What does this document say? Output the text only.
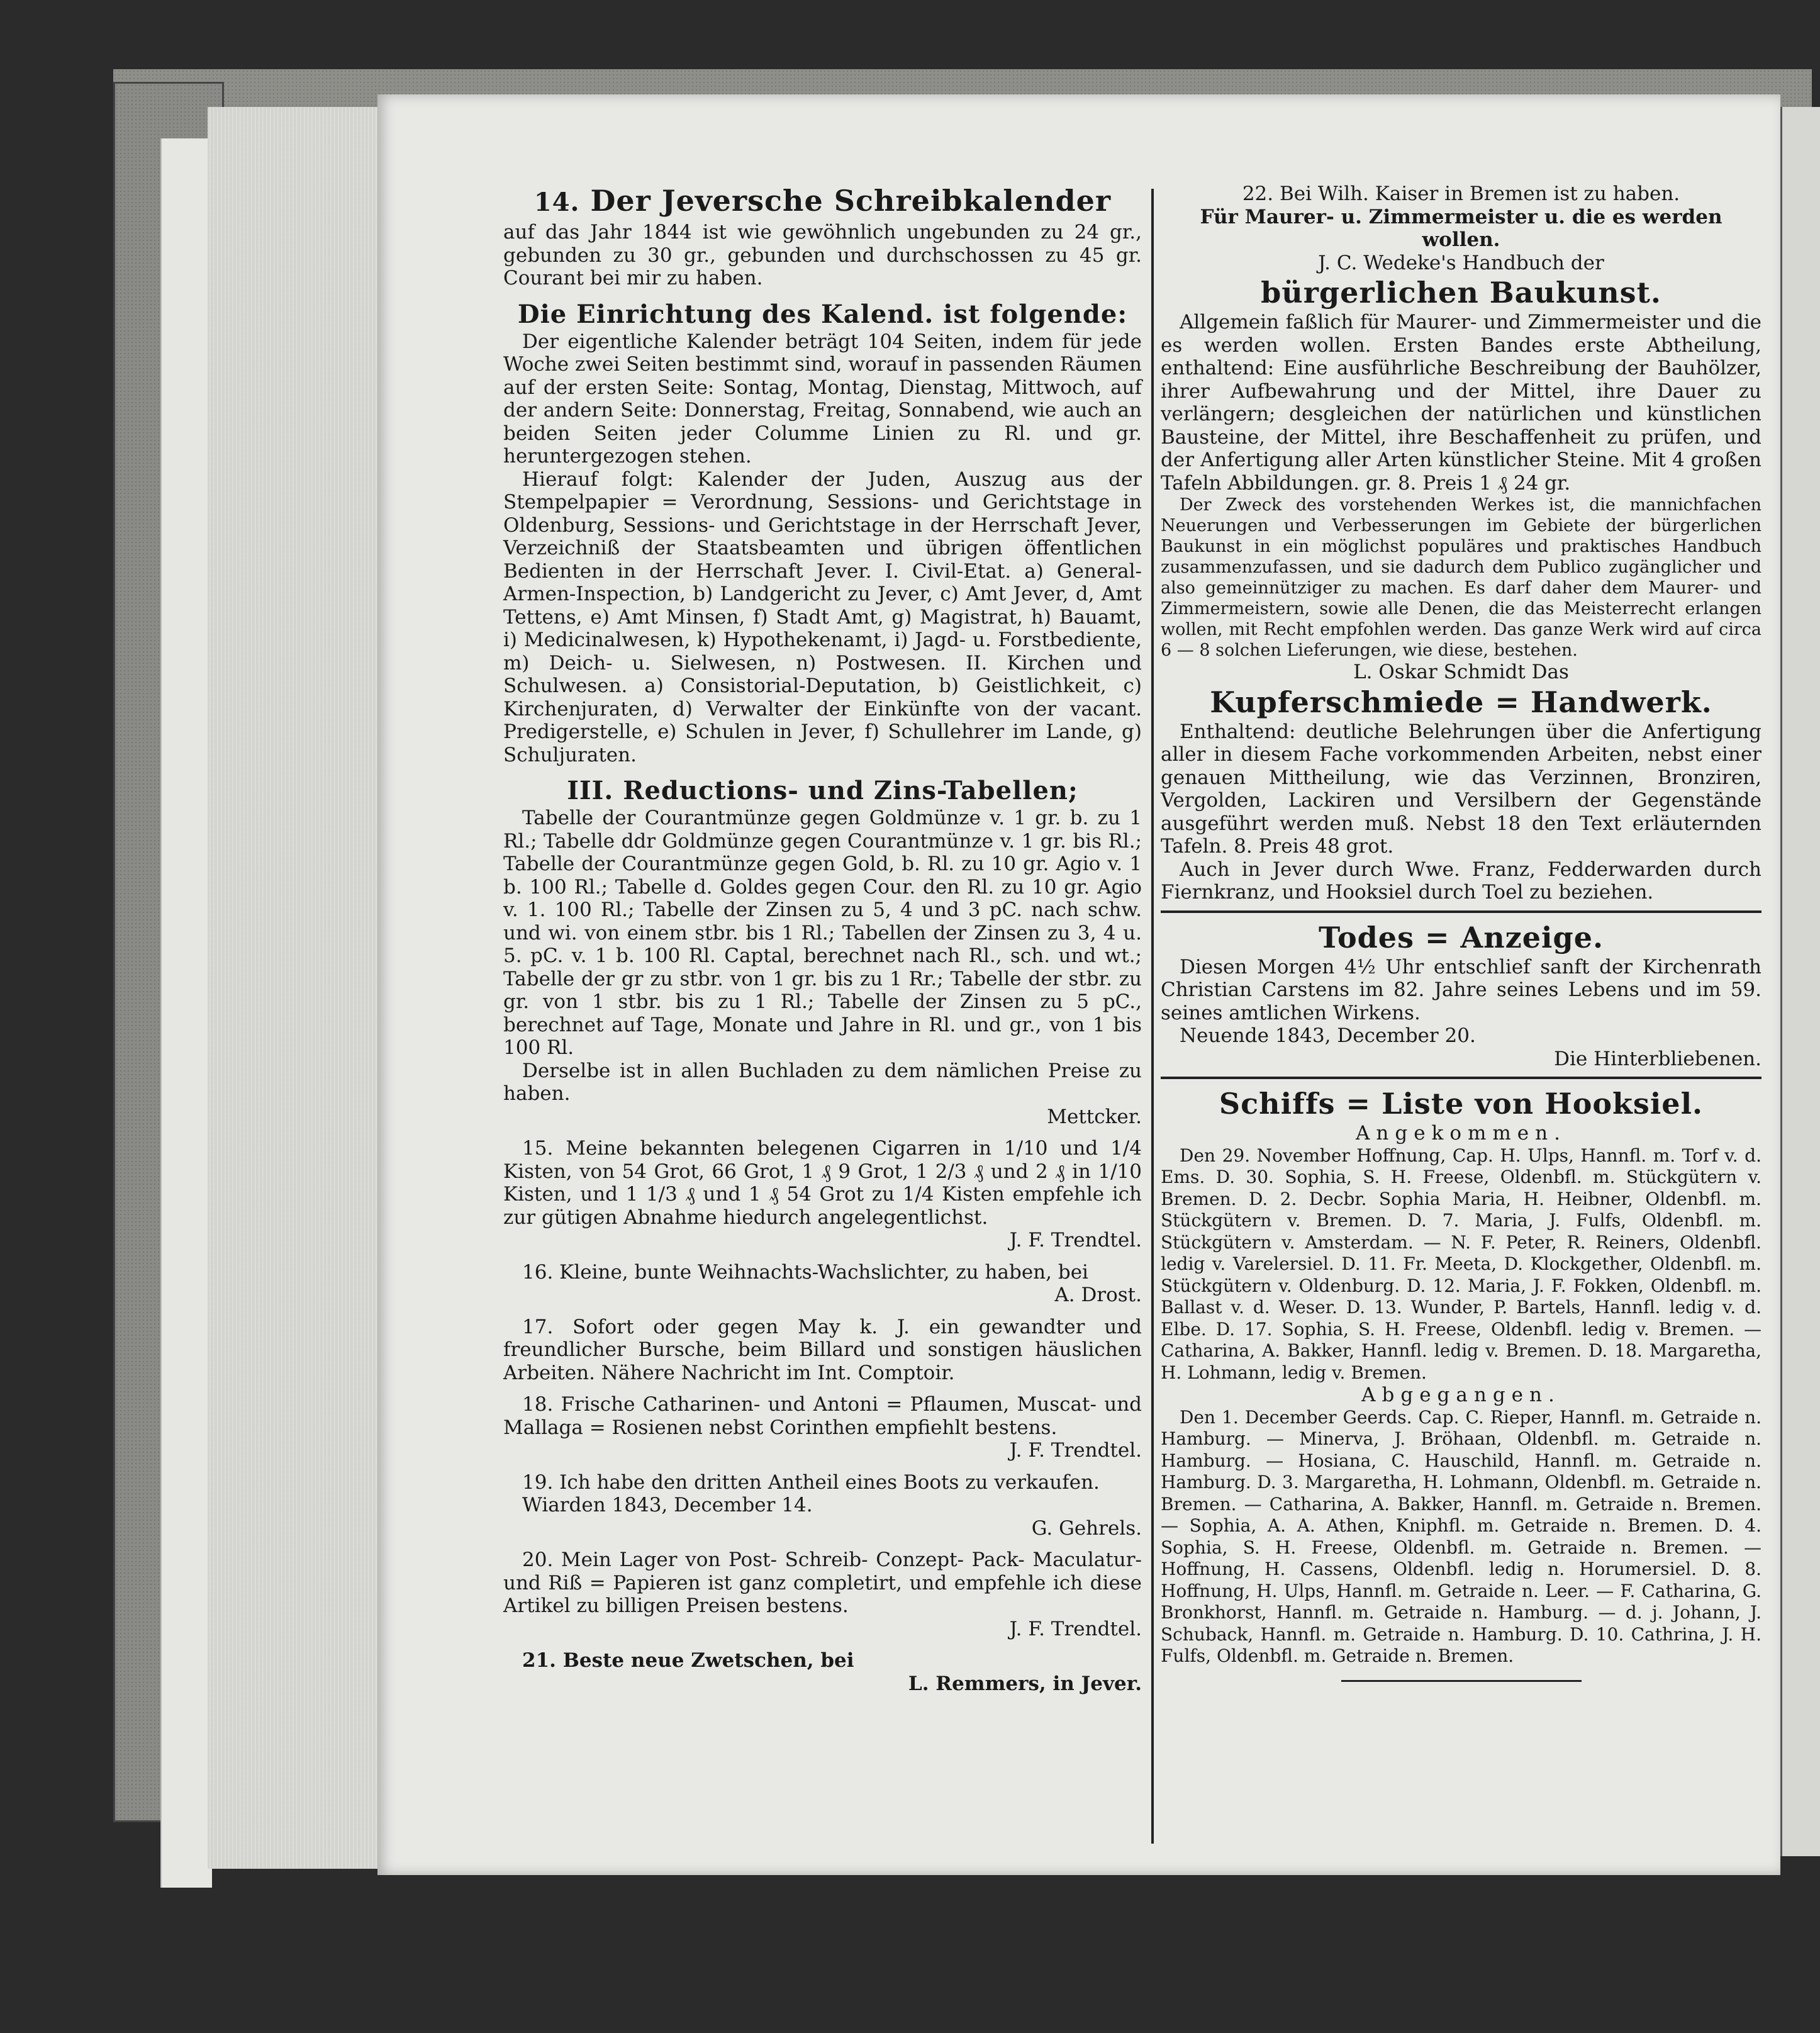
14. Der Jeversche Schreibkalender

auf das Jahr 1844 ist wie gewöhnlich ungebunden zu 24 gr., gebunden zu 30 gr., gebunden und durchschossen zu 45 gr. Courant bei mir zu haben.

Die Einrichtung des Kalend. ist folgende:

Der eigentliche Kalender beträgt 104 Seiten, indem für jede Woche zwei Seiten bestimmt sind, worauf in passenden Räumen auf der ersten Seite: Sontag, Montag, Dienstag, Mittwoch, auf der andern Seite: Donnerstag, Freitag, Sonnabend, wie auch an beiden Seiten jeder Columme Linien zu Rl. und gr. heruntergezogen stehen.

Hierauf folgt: Kalender der Juden, Auszug aus der Stempelpapier = Verordnung, Sessions- und Gerichtstage in Oldenburg, Sessions- und Gerichtstage in der Herrschaft Jever, Verzeichniß der Staatsbeamten und übrigen öffentlichen Bedienten in der Herrschaft Jever. I. Civil-Etat. a) General-Armen-Inspection, b) Landgericht zu Jever, c) Amt Jever, d, Amt Tettens, e) Amt Minsen, f) Stadt Amt, g) Magistrat, h) Bauamt, i) Medicinalwesen, k) Hypothekenamt, i) Jagd- u. Forstbediente, m) Deich- u. Sielwesen, n) Postwesen. II. Kirchen und Schulwesen. a) Consistorial-Deputation, b) Geistlichkeit, c) Kirchenjuraten, d) Verwalter der Einkünfte von der vacant. Predigerstelle, e) Schulen in Jever, f) Schullehrer im Lande, g) Schuljuraten.

III. Reductions- und Zins-Tabellen;

Tabelle der Courantmünze gegen Goldmünze v. 1 gr. b. zu 1 Rl.; Tabelle ddr Goldmünze gegen Courantmünze v. 1 gr. bis Rl.; Tabelle der Courantmünze gegen Gold, b. Rl. zu 10 gr. Agio v. 1 b. 100 Rl.; Tabelle d. Goldes gegen Cour. den Rl. zu 10 gr. Agio v. 1. 100 Rl.; Tabelle der Zinsen zu 5, 4 und 3 pC. nach schw. und wi. von einem stbr. bis 1 Rl.; Tabellen der Zinsen zu 3, 4 u. 5. pC. v. 1 b. 100 Rl. Captal, berechnet nach Rl., sch. und wt.; Tabelle der gr zu stbr. von 1 gr. bis zu 1 Rr.; Tabelle der stbr. zu gr. von 1 stbr. bis zu 1 Rl.; Tabelle der Zinsen zu 5 pC., berechnet auf Tage, Monate und Jahre in Rl. und gr., von 1 bis 100 Rl.

Derselbe ist in allen Buchladen zu dem nämlichen Preise zu haben.

Mettcker.

15. Meine bekannten belegenen Cigarren in 1/10 und 1/4 Kisten, von 54 Grot, 66 Grot, 1 ₰ 9 Grot, 1 2/3 ₰ und 2 ₰ in 1/10 Kisten, und 1 1/3 ₰ und 1 ₰ 54 Grot zu 1/4 Kisten empfehle ich zur gütigen Abnahme hiedurch angelegentlichst.

J. F. Trendtel.

16. Kleine, bunte Weihnachts-Wachslichter, zu haben, bei

A. Drost.

17. Sofort oder gegen May k. J. ein gewandter und freundlicher Bursche, beim Billard und sonstigen häuslichen Arbeiten. Nähere Nachricht im Int. Comptoir.

18. Frische Catharinen- und Antoni = Pflaumen, Muscat- und Mallaga = Rosienen nebst Corinthen empfiehlt bestens.

J. F. Trendtel.

19. Ich habe den dritten Antheil eines Boots zu verkaufen.

Wiarden 1843, December 14.

G. Gehrels.

20. Mein Lager von Post- Schreib- Conzept- Pack- Maculatur- und Riß = Papieren ist ganz completirt, und empfehle ich diese Artikel zu billigen Preisen bestens.

J. F. Trendtel.

21. Beste neue Zwetschen, bei

L. Remmers, in Jever.

22. Bei Wilh. Kaiser in Bremen ist zu haben.

Für Maurer- u. Zimmermeister u. die es werden wollen.

J. C. Wedeke's Handbuch der

bürgerlichen Baukunst.

Allgemein faßlich für Maurer- und Zimmermeister und die es werden wollen. Ersten Bandes erste Abtheilung, enthaltend: Eine ausführliche Beschreibung der Bauhölzer, ihrer Aufbewahrung und der Mittel, ihre Dauer zu verlängern; desgleichen der natürlichen und künstlichen Bausteine, der Mittel, ihre Beschaffenheit zu prüfen, und der Anfertigung aller Arten künstlicher Steine. Mit 4 großen Tafeln Abbildungen. gr. 8. Preis 1 ₰ 24 gr.

Der Zweck des vorstehenden Werkes ist, die mannichfachen Neuerungen und Verbesserungen im Gebiete der bürgerlichen Baukunst in ein möglichst populäres und praktisches Handbuch zusammenzufassen, und sie dadurch dem Publico zugänglicher und also gemeinnütziger zu machen. Es darf daher dem Maurer- und Zimmermeistern, sowie alle Denen, die das Meisterrecht erlangen wollen, mit Recht empfohlen werden. Das ganze Werk wird auf circa 6 — 8 solchen Lieferungen, wie diese, bestehen.

L. Oskar Schmidt Das

Kupferschmiede = Handwerk.

Enthaltend: deutliche Belehrungen über die Anfertigung aller in diesem Fache vorkommenden Arbeiten, nebst einer genauen Mittheilung, wie das Verzinnen, Bronziren, Vergolden, Lackiren und Versilbern der Gegenstände ausgeführt werden muß. Nebst 18 den Text erläuternden Tafeln. 8. Preis 48 grot.

Auch in Jever durch Wwe. Franz, Fedderwarden durch Fiernkranz, und Hooksiel durch Toel zu beziehen.

Todes = Anzeige.

Diesen Morgen 4½ Uhr entschlief sanft der Kirchenrath Christian Carstens im 82. Jahre seines Lebens und im 59. seines amtlichen Wirkens.

Neuende 1843, December 20.

Die Hinterbliebenen.

Schiffs = Liste von Hooksiel.

Angekommen.

Den 29. November Hoffnung, Cap. H. Ulps, Hannfl. m. Torf v. d. Ems. D. 30. Sophia, S. H. Freese, Oldenbfl. m. Stückgütern v. Bremen. D. 2. Decbr. Sophia Maria, H. Heibner, Oldenbfl. m. Stückgütern v. Bremen. D. 7. Maria, J. Fulfs, Oldenbfl. m. Stückgütern v. Amsterdam. — N. F. Peter, R. Reiners, Oldenbfl. ledig v. Varelersiel. D. 11. Fr. Meeta, D. Klockgether, Oldenbfl. m. Stückgütern v. Oldenburg. D. 12. Maria, J. F. Fokken, Oldenbfl. m. Ballast v. d. Weser. D. 13. Wunder, P. Bartels, Hannfl. ledig v. d. Elbe. D. 17. Sophia, S. H. Freese, Oldenbfl. ledig v. Bremen. — Catharina, A. Bakker, Hannfl. ledig v. Bremen. D. 18. Margaretha, H. Lohmann, ledig v. Bremen.

Abgegangen.

Den 1. December Geerds. Cap. C. Rieper, Hannfl. m. Getraide n. Hamburg. — Minerva, J. Bröhaan, Oldenbfl. m. Getraide n. Hamburg. — Hosiana, C. Hauschild, Hannfl. m. Getraide n. Hamburg. D. 3. Margaretha, H. Lohmann, Oldenbfl. m. Getraide n. Bremen. — Catharina, A. Bakker, Hannfl. m. Getraide n. Bremen. — Sophia, A. A. Athen, Kniphfl. m. Getraide n. Bremen. D. 4. Sophia, S. H. Freese, Oldenbfl. m. Getraide n. Bremen. — Hoffnung, H. Cassens, Oldenbfl. ledig n. Horumersiel. D. 8. Hoffnung, H. Ulps, Hannfl. m. Getraide n. Leer. — F. Catharina, G. Bronkhorst, Hannfl. m. Getraide n. Hamburg. — d. j. Johann, J. Schuback, Hannfl. m. Getraide n. Hamburg. D. 10. Cathrina, J. H. Fulfs, Oldenbfl. m. Getraide n. Bremen.
